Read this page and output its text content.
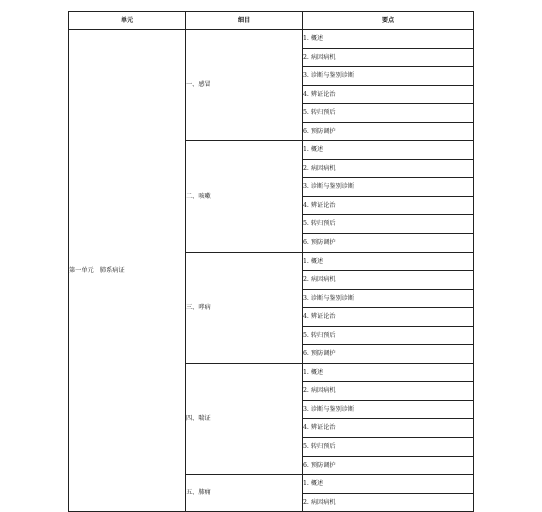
单元	细目	要点
第一单元　肺系病证	一、感冒	1. 概述
		2. 病因病机
		3. 诊断与鉴别诊断
		4. 辨证论治
		5. 转归预后
		6. 预防调护
	二、咳嗽	1. 概述
		2. 病因病机
		3. 诊断与鉴别诊断
		4. 辨证论治
		5. 转归预后
		6. 预防调护
	三、哮病	1. 概述
		2. 病因病机
		3. 诊断与鉴别诊断
		4. 辨证论治
		5. 转归预后
		6. 预防调护
	四、喘证	1. 概述
		2. 病因病机
		3. 诊断与鉴别诊断
		4. 辨证论治
		5. 转归预后
		6. 预防调护
	五、肺痈	1. 概述
		2. 病因病机
